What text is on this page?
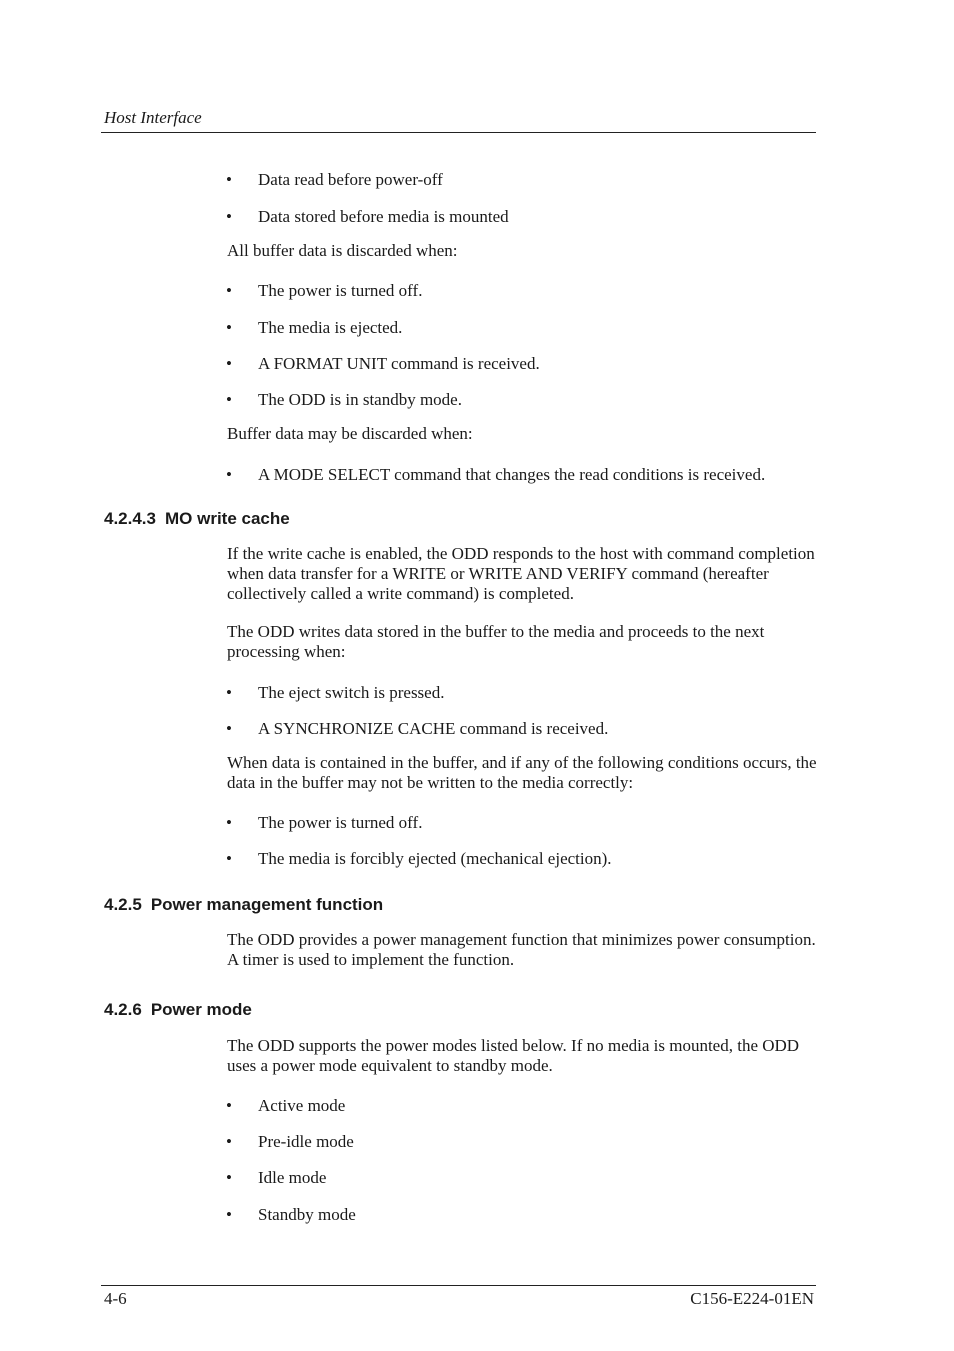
Host Interface
•	Data read before power-off
•	Data stored before media is mounted
All buffer data is discarded when:
•	The power is turned off.
•	The media is ejected.
•	A FORMAT UNIT command is received.
•	The ODD is in standby mode.
Buffer data may be discarded when:
•	A MODE SELECT command that changes the read conditions is received.
4.2.4.3 MO write cache
If the write cache is enabled, the ODD responds to the host with command completion when data transfer for a WRITE or WRITE AND VERIFY command (hereafter collectively called a write command) is completed.
The ODD writes data stored in the buffer to the media and proceeds to the next processing when:
•	The eject switch is pressed.
•	A SYNCHRONIZE CACHE command is received.
When data is contained in the buffer, and if any of the following conditions occurs, the data in the buffer may not be written to the media correctly:
•	The power is turned off.
•	The media is forcibly ejected (mechanical ejection).
4.2.5 Power management function
The ODD provides a power management function that minimizes power consumption. A timer is used to implement the function.
4.2.6 Power mode
The ODD supports the power modes listed below. If no media is mounted, the ODD uses a power mode equivalent to standby mode.
•	Active mode
•	Pre-idle mode
•	Idle mode
•	Standby mode
4-6	C156-E224-01EN
